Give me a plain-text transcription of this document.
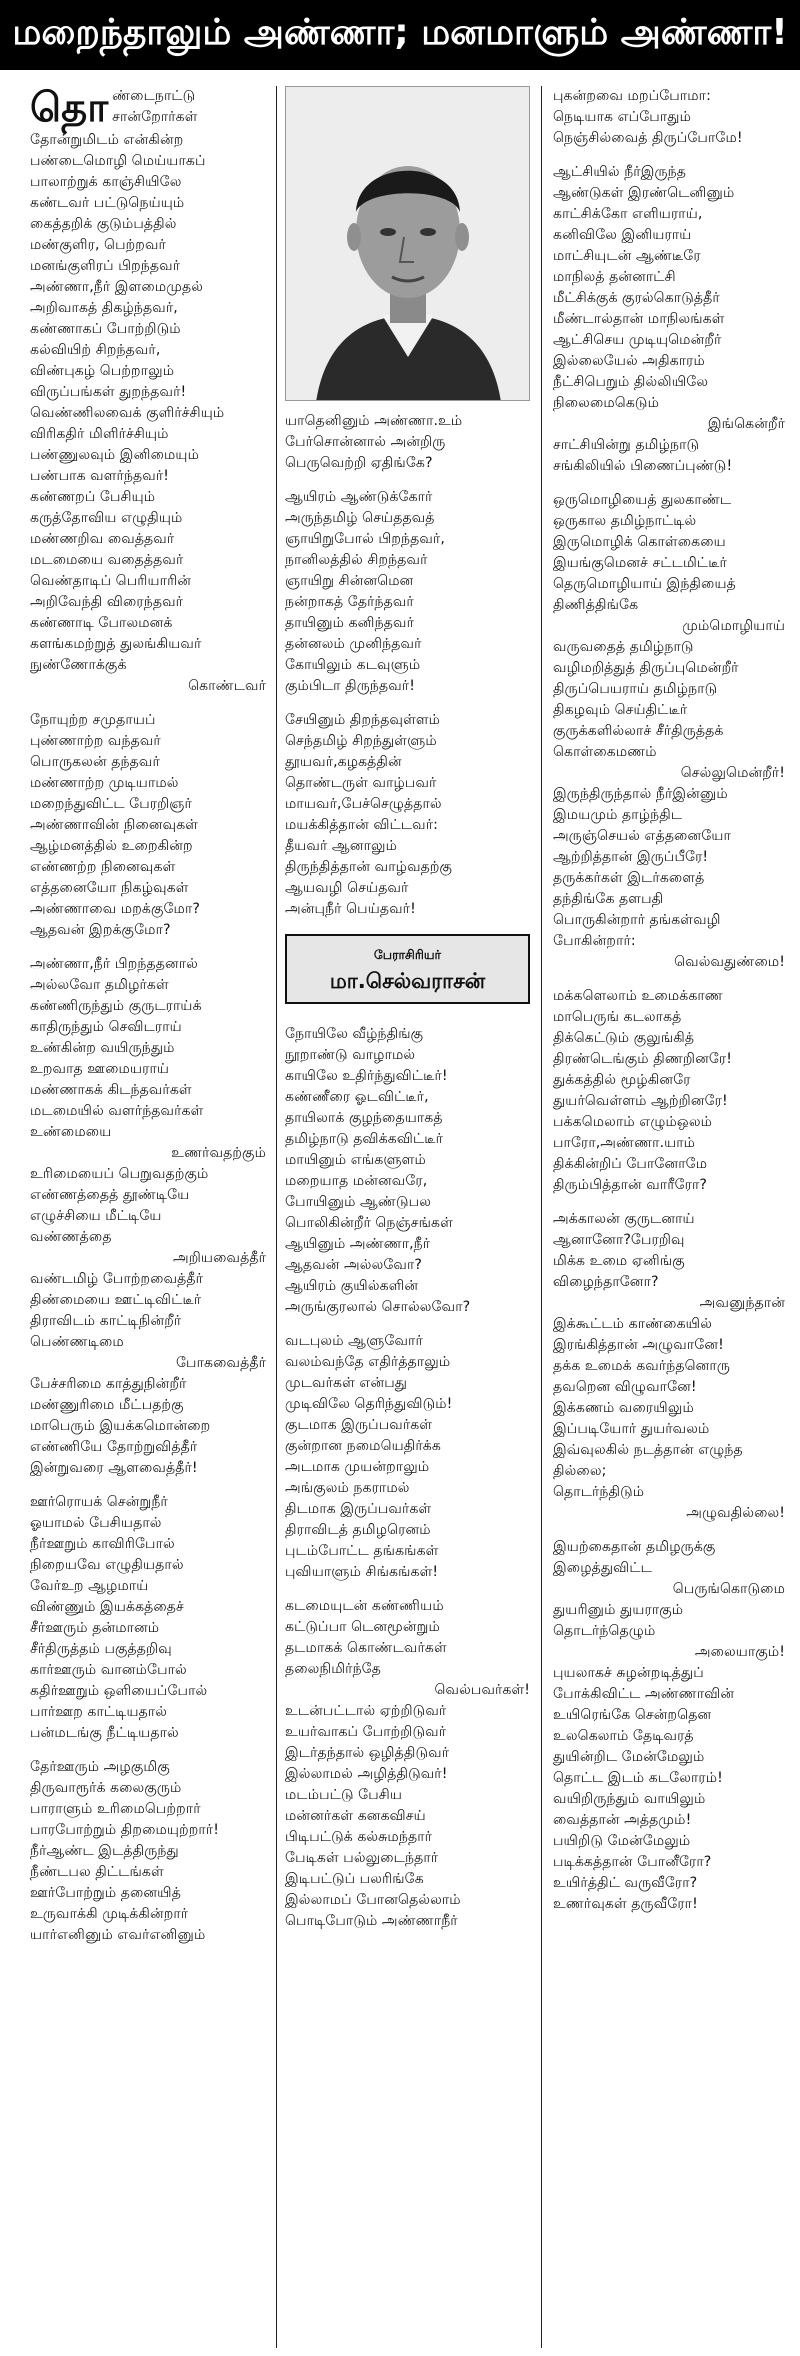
மறைந்தாலும் அண்ணா; மனமாளும் அண்ணா!
தொ ண்டைநாட்டு
சான்றோர்கள்
தோன்றுமிடம் என்கின்ற
பண்டைமொழி மெய்யாகப்
பாலாற்றுக் காஞ்சியிலே
கண்டவர் பட்டுநெய்யும்
கைத்தறிக் குடும்பத்தில்
மண்குளிர, பெற்றவர்
மனங்குளிரப் பிறந்தவர்
அண்ணா,நீர் இளமைமுதல்
அறிவாகத் திகழ்ந்தவர்,
கண்ணாகப் போற்றிடும்
கல்வியிற் சிறந்தவர்,
விண்புகழ் பெற்றாலும்
விருப்பங்கள் துறந்தவர்!
வெண்ணிலவைக் குளிர்ச்சியும்
விரிகதிர் மிளிர்ச்சியும்
பண்ணுலவும் இனிமையும்
பண்பாக வளர்ந்தவர்!
கண்ணறப் பேசியும்
கருத்தோவிய எழுதியும்
மண்ணறிவ வைத்தவர்
மடமையை வதைத்தவர்
வெண்தாடிப் பெரியாரின்
அறிவேந்தி விரைந்தவர்
கண்ணாடி போலமனக்
களங்கமற்றுத் துலங்கியவர்
நுண்ணோக்குக்
கொண்டவர்
நோயுற்ற சமுதாயப்
புண்ணாற்ற வந்தவர்
பொருகலன் தந்தவர்
மண்ணாற்ற முடியாமல்
மறைந்துவிட்ட பேரறிஞர்
அண்ணாவின் நினைவுகள்
ஆழ்மனத்தில் உறைகின்ற
எண்ணற்ற நினைவுகள்
எத்தனையோ நிகழ்வுகள்
அண்ணாவை மறக்குமோ?
ஆதவன் இறக்குமோ?
அண்ணா,நீர் பிறந்ததனால்
அல்லவோ தமிழர்கள்
கண்ணிருந்தும் குருடராய்க்
காதிருந்தும் செவிடராய்
உண்கின்ற வயிருந்தும்
உறவாத ஊமையராய்
மண்ணாகக் கிடந்தவர்கள்
மடமையில் வளர்ந்தவர்கள்
உண்மையை
உணர்வதற்கும்
உரிமையைப் பெறுவதற்கும்
எண்ணத்தைத் தூண்டியே
எழுச்சியை மீட்டியே
வண்ணத்தை
அறியவைத்தீர்
வண்டமிழ் போற்றவைத்தீர்
திண்மையை ஊட்டிவிட்டீர்
திராவிடம் காட்டிநின்றீர்
பெண்ணடிமை
போகவைத்தீர்
பேச்சரிமை காத்துநின்றீர்
மண்ணுரிமை மீட்பதற்கு
மாபெரும் இயக்கமொன்றை
எண்ணியே தோற்றுவித்தீர்
இன்றுவரை ஆளவைத்தீர்!
ஊர்ரொயக் சென்றுநீர்
ஓயாமல் பேசியதால்
நீர்ஊறும் காவிரிபோல்
நிறையவே எழுதியதால்
வேர்உற ஆழமாய்
விண்ணும் இயக்கத்தைச்
சீர்ஊரும் தன்மானம்
சீர்திருத்தம் பகுத்தறிவு
கார்ஊரும் வானம்போல்
கதிர்ஊறும் ஒளியைப்போல்
பார்ஊற காட்டியதால்
பன்மடங்கு நீட்டியதால்
தேர்ஊரும் அழகுமிகு
திருவாரூர்க் கலைகுரும்
பாராளும் உரிமைபெற்றார்
பாரபோற்றும் திறமையுற்றார்!
நீர்ஆண்ட இடத்திருந்து
நீண்டபல திட்டங்கள்
ஊர்போற்றும் தனையித்
உருவாக்கி முடிக்கின்றார்
யார்எனினும் எவர்எனினும்
யாதெனினும் அண்ணா.உம்
பேர்சொன்னால் அன்றிரு
பெருவெற்றி ஏதிங்கே?
ஆயிரம் ஆண்டுக்கோர்
அருந்தமிழ் செய்ததவத்
ஞாயிறுபோல் பிறந்தவர்,
நானிலத்தில் சிறந்தவர்
ஞாயிறு சின்னமென
நன்றாகத் தேர்ந்தவர்
தாயினும் கனிந்தவர்
தன்னலம் முனிந்தவர்
கோயிலும் கடவுளும்
கும்பிடா திருந்தவர்!
சேயினும் திறந்தவுள்ளம்
செந்தமிழ் சிறந்துள்ளும்
தூயவர்,கழகத்தின்
தொண்டருள் வாழ்பவர்
மாயவர்,பேச்செழுத்தால்
மயக்கித்தான் விட்டவர்:
தீயவர் ஆனாலும்
திருந்தித்தான் வாழ்வதற்கு
ஆயவழி செய்தவர்
அன்புநீர் பெய்தவர்!
பேராசிரியர்
மா.செல்வராசன்
நோயிலே வீழ்ந்திங்கு
நூறாண்டு வாழாமல்
காயிலே உதிர்ந்துவிட்டீர்!
கண்ணீரை ஓடவிட்டீர்,
தாயிலாக் குழந்தையாகத்
தமிழ்நாடு தவிக்கவிட்டீர்
மாயினும் எங்களுளம்
மறையாத மன்னவரே,
போயினும் ஆண்டுபல
பொலிகின்றீர் நெஞ்சங்கள்
ஆயினும் அண்ணா,நீர்
ஆதவன் அல்லவோ?
ஆயிரம் குயில்களின்
அருங்குரலால் சொல்லவோ?
வடபுலம் ஆளுவோர்
வலம்வந்தே எதிர்த்தாலும்
முடவர்கள் என்பது
முடிவிலே தெரிந்துவிடும்!
குடமாக இருப்பவர்கள்
குன்றான நமையெதிர்க்க
அடமாக முயன்றாலும்
அங்குலம் நகராமல்
திடமாக இருப்பவர்கள்
திராவிடத் தமிழரெனம்
புடம்போட்ட தங்கங்கள்
புவியாளும் சிங்கங்கள்!
கடமையுடன் கண்ணியம்
கட்டுப்பா டெனமூன்றும்
தடமாகக் கொண்டவர்கள்
தலைநிமிர்ந்தே
வெல்பவர்கள்!
உடன்பட்டால் ஏற்றிடுவர்
உயர்வாகப் போற்றிடுவர்
இடர்தந்தால் ஒழித்திடுவர்
இல்லாமல் அழித்திடுவர்!
மடம்பட்டு பேசிய
மன்னர்கள் கனகவிசய்
பிடிபட்டுக் கல்சுமந்தார்
பேடிகள் பல்லுடைந்தார்
இடிபட்டுப் பலரிங்கே
இல்லாமப் போனதெல்லாம்
பொடிபோடும் அண்ணாநீர்
புகன்றவை மறப்போமா:
நெடியாக எப்போதும்
நெஞ்சில்வைத் திருப்போமே!
ஆட்சியில் நீர்இருந்த
ஆண்டுகள் இரண்டெனினும்
காட்சிக்கோ எளியராய்,
கனிவிலே இனியராய்
மாட்சியுடன் ஆண்டீரே
மாநிலத் தன்னாட்சி
மீட்சிக்குக் குரல்கொடுத்தீர்
மீண்டால்தான் மாநிலங்கள்
ஆட்சிசெய முடியுமென்றீர்
இல்லையேல் அதிகாரம்
நீட்சிபெறும் தில்லியிலே
நிலைமைகெடும்
இங்கென்றீர்
சாட்சியின்று தமிழ்நாடு
சங்கிலியில் பிணைப்புண்டு!
ஒருமொழியைத் துலகாண்ட
ஒருகால தமிழ்நாட்டில்
இருமொழிக் கொள்கையை
இயங்குமெனச் சட்டமிட்டீர்
தெருமொழியாய் இந்தியைத்
திணித்திங்கே
மும்மொழியாய்
வருவதைத் தமிழ்நாடு
வழிமறித்துத் திருப்புமென்றீர்
திருப்பெயராய் தமிழ்நாடு
திகழவும் செய்திட்டீர்
குருக்களில்லாச் சீர்திருத்தக்
கொள்கைமணம்
செல்லுமென்றீர்!
இருந்திருந்தால் நீர்இன்னும்
இமயமும் தாழ்ந்திட
அருஞ்செயல் எத்தனையோ
ஆற்றித்தான் இருப்பீரே!
தருக்கர்கள் இடர்களைத்
தந்திங்கே தளபதி
பொருகின்றார் தங்கள்வழி
போகின்றார்:
வெல்வதுண்மை!
மக்களெலாம் உமைக்காண
மாபெருங் கடலாகத்
திக்கெட்டும் குலுங்கித்
திரண்டெங்கும் திணறினரே!
துக்கத்தில் மூழ்கினரே
துயர்வெள்ளம் ஆற்றினரே!
பக்கமெலாம் எழும்ஒலம்
பாரோ,அண்ணா.யாம்
திக்கின்றிப் போனோமே
திரும்பித்தான் வாரீரோ?
அக்காலன் குருடனாய்
ஆனானோ?பேரறிவு
மிக்க உமை ஏனிங்கு
விழைந்தானோ?
அவனுந்தான்
இக்கூட்டம் காண்கையில்
இரங்கித்தான் அழுவானே!
தக்க உமைக் கவர்ந்தனொரு
தவறென விழுவானே!
இக்கணம் வரையிலும்
இப்படியோர் துயர்வலம்
இவ்வுலகில் நடத்தான் எழுந்த
தில்லை;
தொடர்ந்திடும்
அழுவதில்லை!
இயற்கைதான் தமிழருக்கு
இழைத்துவிட்ட
பெருங்கொடுமை
துயரினும் துயராகும்
தொடர்ந்தெழும்
அலையாகும்!
புயலாகச் சுழன்றடித்துப்
போக்கிவிட்ட அண்ணாவின்
உயிரெங்கே சென்றதென
உலகெலாம் தேடிவரத்
துயின்றிட மேன்மேலும்
தொட்ட இடம் கடலோரம்!
வயிறிருந்தும் வாயிலும்
வைத்தான் அத்தமும்!
பயிறிடு மேன்மேலும்
படிக்கத்தான் போனீரோ?
உயிர்த்திட் வருவீரோ?
உணர்வுகள் தருவீரோ!
